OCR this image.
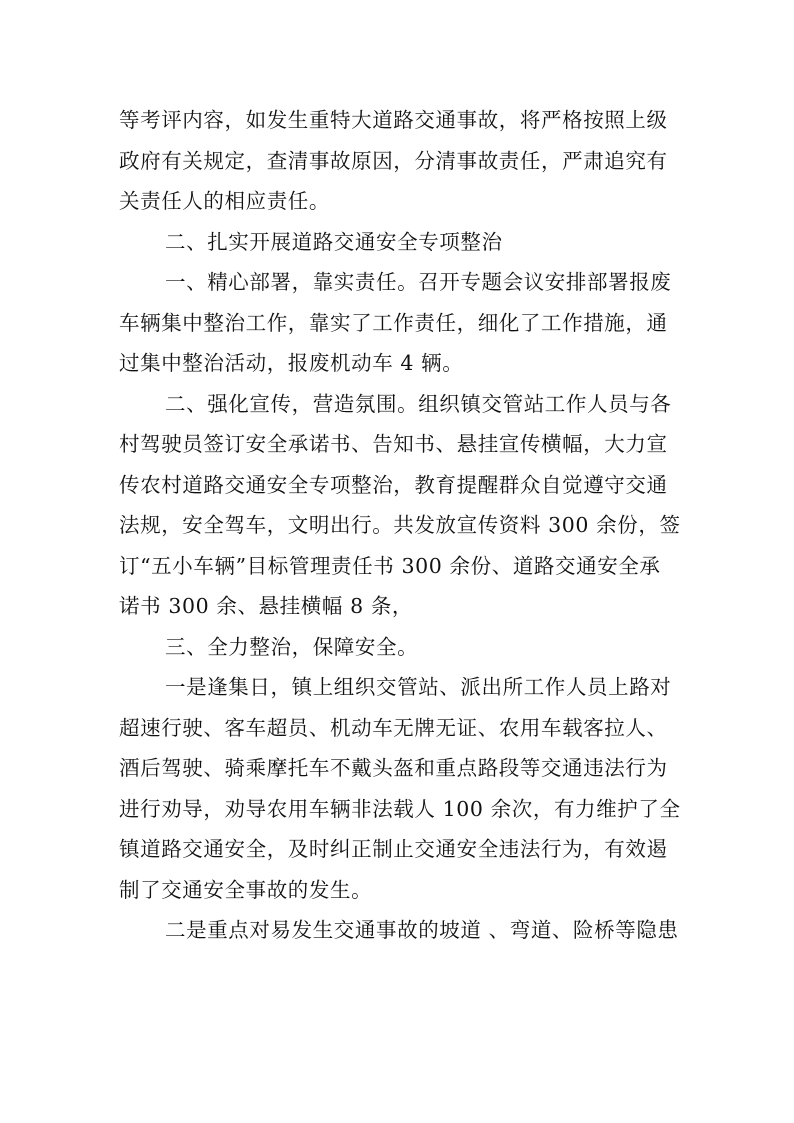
等考评内容，如发生重特大道路交通事故，将严格按照上级
政府有关规定，查清事故原因，分清事故责任，严肃追究有
关责任人的相应责任。
二、扎实开展道路交通安全专项整治
一、精心部署，靠实责任。召开专题会议安排部署报废
车辆集中整治工作，靠实了工作责任，细化了工作措施，通
过集中整治活动，报废机动车 4 辆。
二、强化宣传，营造氛围。组织镇交管站工作人员与各
村驾驶员签订安全承诺书、告知书、悬挂宣传横幅，大力宣
传农村道路交通安全专项整治，教育提醒群众自觉遵守交通
法规，安全驾车，文明出行。共发放宣传资料 300 余份，签
订“五小车辆”目标管理责任书 300 余份、道路交通安全承
诺书 300 余、悬挂横幅 8 条，
三、全力整治，保障安全。
一是逢集日，镇上组织交管站、派出所工作人员上路对
超速行驶、客车超员、机动车无牌无证、农用车载客拉人、
酒后驾驶、骑乘摩托车不戴头盔和重点路段等交通违法行为
进行劝导，劝导农用车辆非法载人 100 余次，有力维护了全
镇道路交通安全，及时纠正制止交通安全违法行为，有效遏
制了交通安全事故的发生。
二是重点对易发生交通事故的坡道 、弯道、险桥等隐患
